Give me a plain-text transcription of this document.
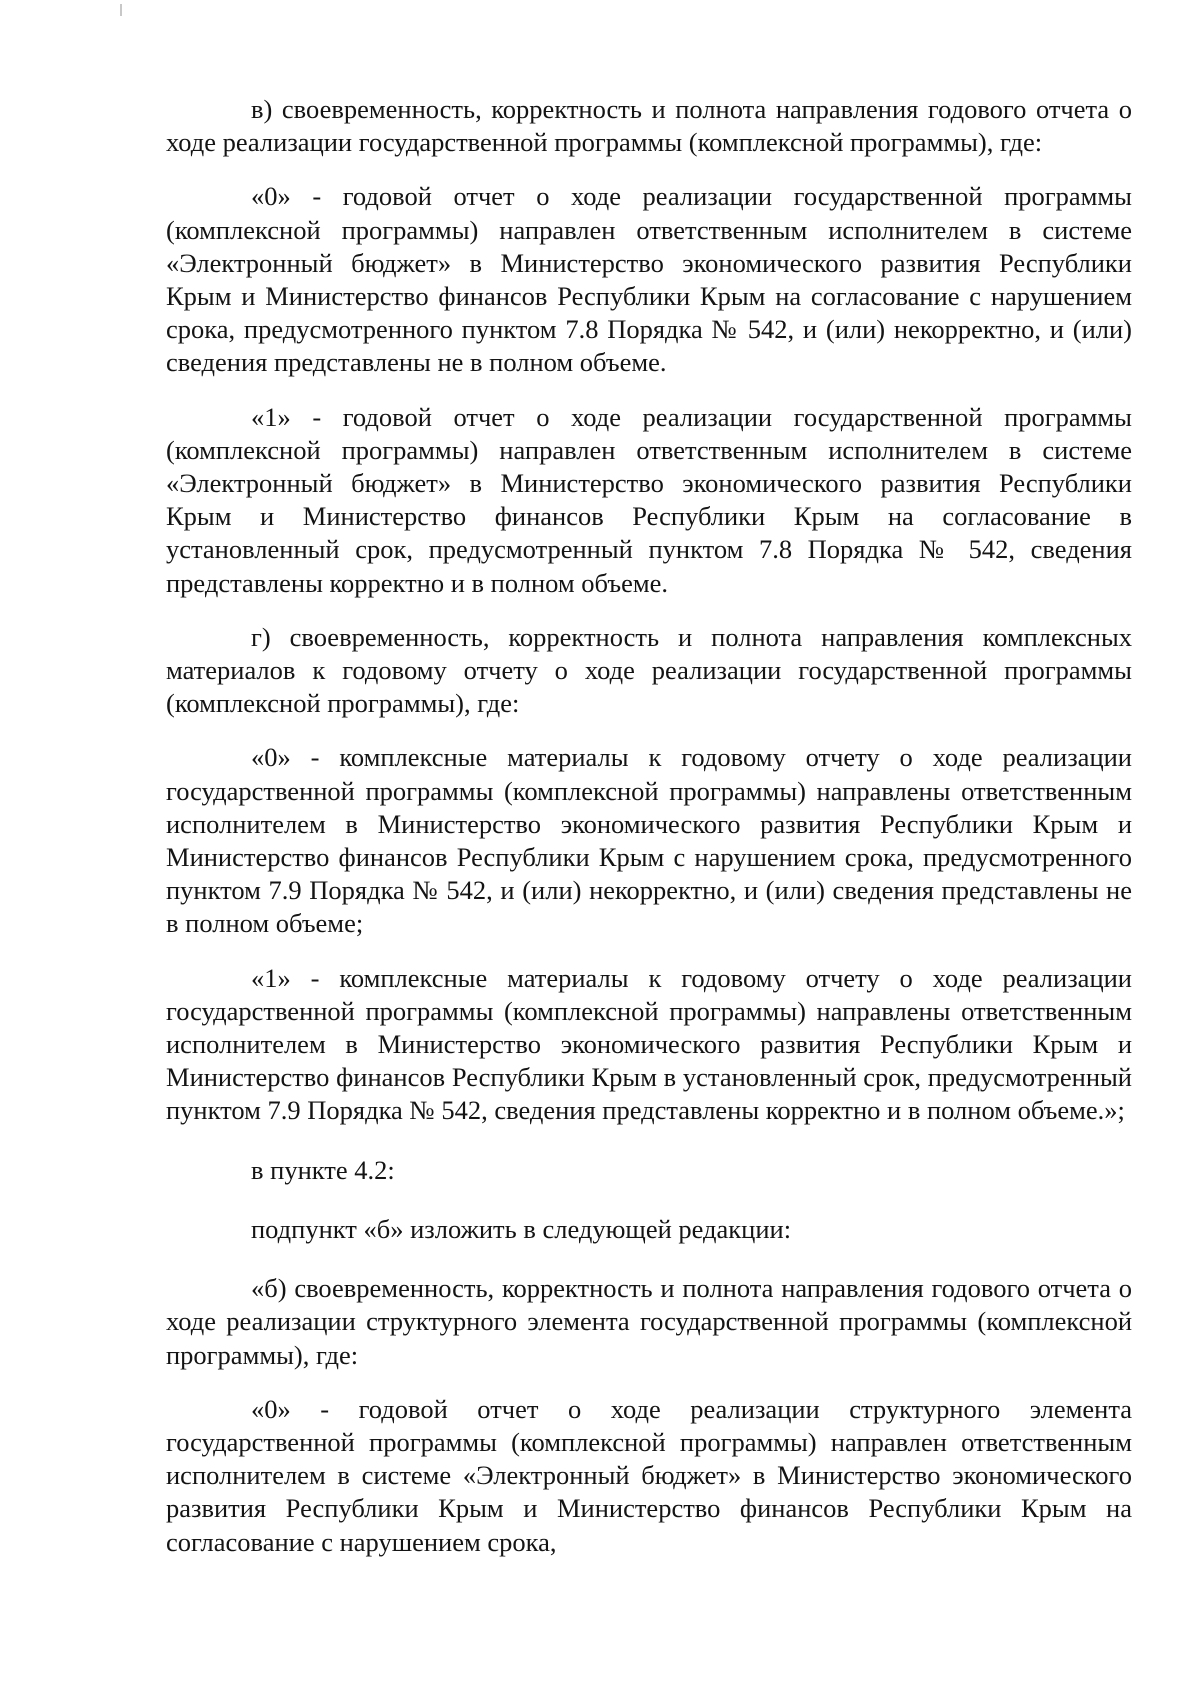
в) своевременность, корректность и полнота направления годового отчета о ходе реализации государственной программы (комплексной программы), где:

«0» - годовой отчет о ходе реализации государственной программы (комплексной программы) направлен ответственным исполнителем в системе «Электронный бюджет» в Министерство экономического развития Республики Крым и Министерство финансов Республики Крым на согласование с нарушением срока, предусмотренного пунктом 7.8 Порядка № 542, и (или) некорректно, и (или) сведения представлены не в полном объеме.

«1» - годовой отчет о ходе реализации государственной программы (комплексной программы) направлен ответственным исполнителем в системе «Электронный бюджет» в Министерство экономического развития Республики Крым и Министерство финансов Республики Крым на согласование в установленный срок, предусмотренный пунктом 7.8 Порядка № 542, сведения представлены корректно и в полном объеме.

г) своевременность, корректность и полнота направления комплексных материалов к годовому отчету о ходе реализации государственной программы (комплексной программы), где:

«0» - комплексные материалы к годовому отчету о ходе реализации государственной программы (комплексной программы) направлены ответственным исполнителем в Министерство экономического развития Республики Крым и Министерство финансов Республики Крым с нарушением срока, предусмотренного пунктом 7.9 Порядка № 542, и (или) некорректно, и (или) сведения представлены не в полном объеме;

«1» - комплексные материалы к годовому отчету о ходе реализации государственной программы (комплексной программы) направлены ответственным исполнителем в Министерство экономического развития Республики Крым и Министерство финансов Республики Крым в установленный срок, предусмотренный пунктом 7.9 Порядка № 542, сведения представлены корректно и в полном объеме.»;

в пункте 4.2:

подпункт «б» изложить в следующей редакции:

«б) своевременность, корректность и полнота направления годового отчета о ходе реализации структурного элемента государственной программы (комплексной программы), где:

«0» - годовой отчет о ходе реализации структурного элемента государственной программы (комплексной программы) направлен ответственным исполнителем в системе «Электронный бюджет» в Министерство экономического развития Республики Крым и Министерство финансов Республики Крым на согласование с нарушением срока,
